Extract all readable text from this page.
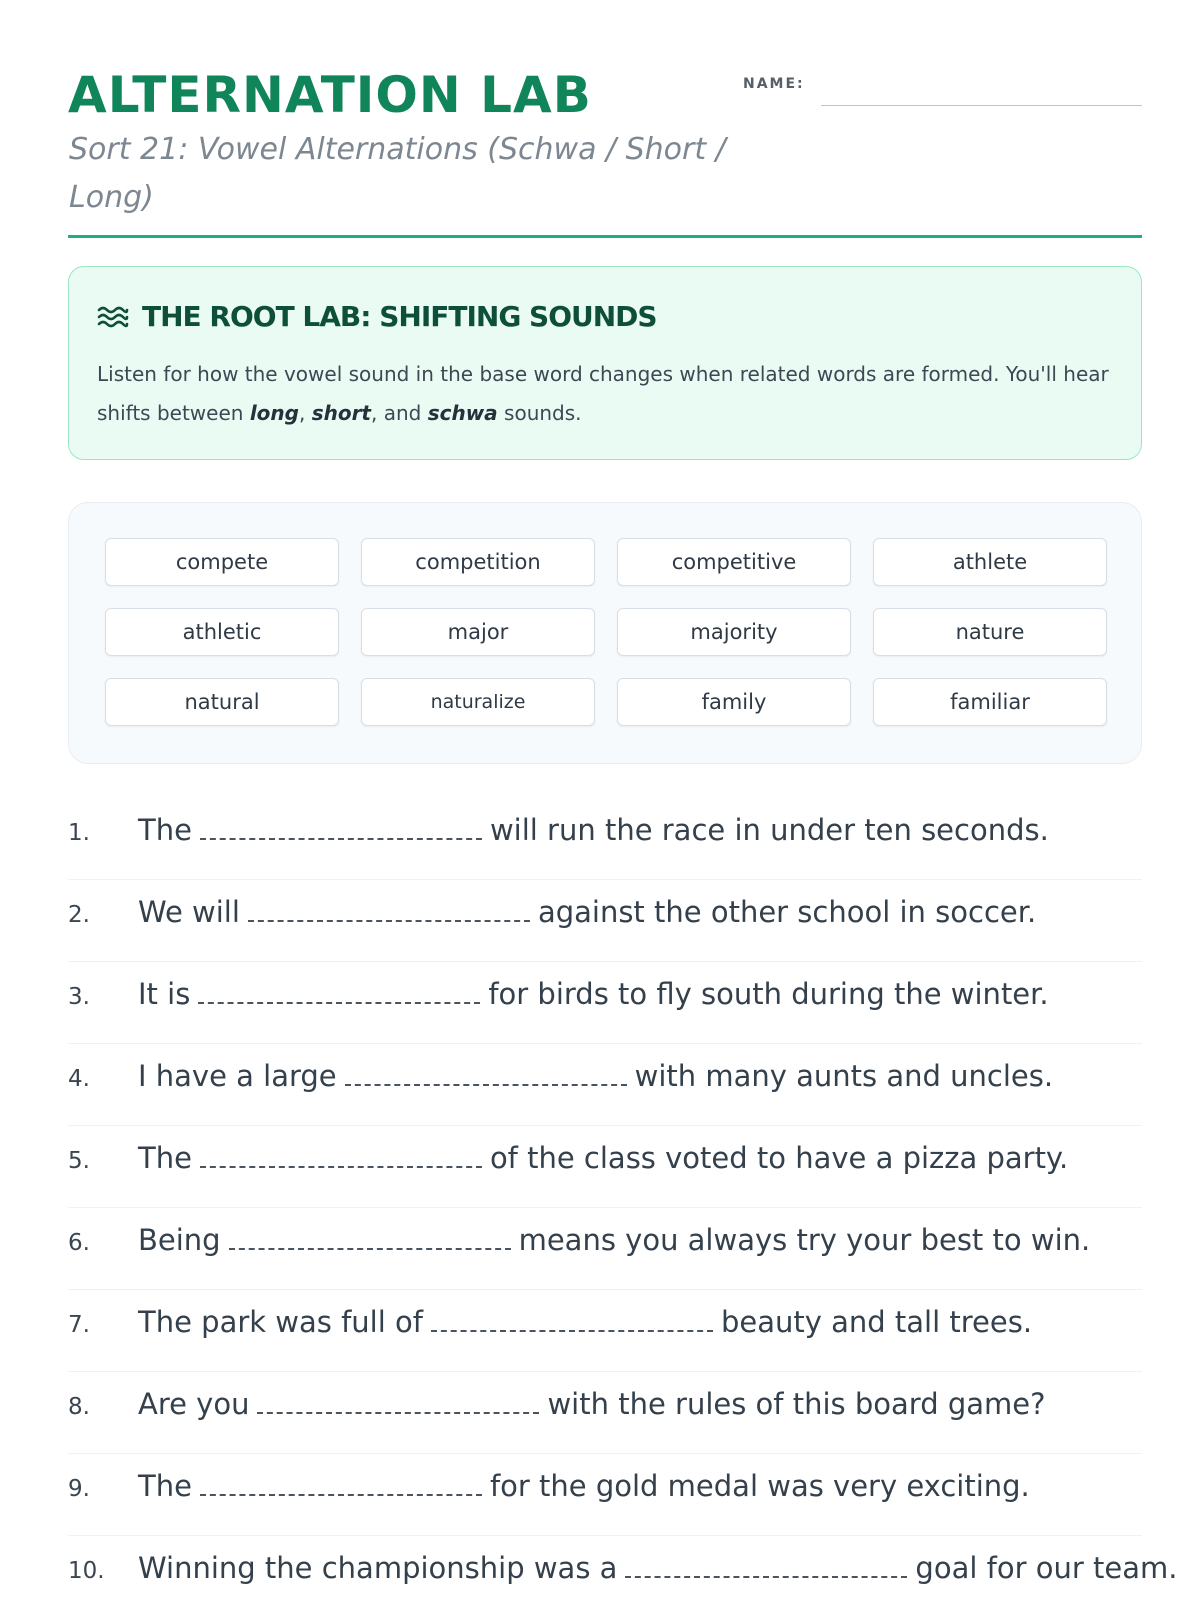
ALTERNATION LAB
Sort 21: Vowel Alternations (Schwa / Short / Long)
NAME:
THE ROOT LAB: SHIFTING SOUNDS

Listen for how the vowel sound in the base word changes when related words are formed. You'll hear shifts between long, short, and schwa sounds.

compete	competition	competitive	athlete
athletic	major	majority	nature
natural	naturalize	family	familiar
1. The	will run the race in under ten seconds.
2. We will	against the other school in soccer.
3. It is	for birds to fly south during the winter.
4. I have a large	with many aunts and uncles.
5. The	of the class voted to have a pizza party.
6. Being	means you always try your best to win.
7. The park was full of	beauty and tall trees.
8. Are you	with the rules of this board game?
9. The	for the gold medal was very exciting.
10. Winning the championship was a	goal for our team.
